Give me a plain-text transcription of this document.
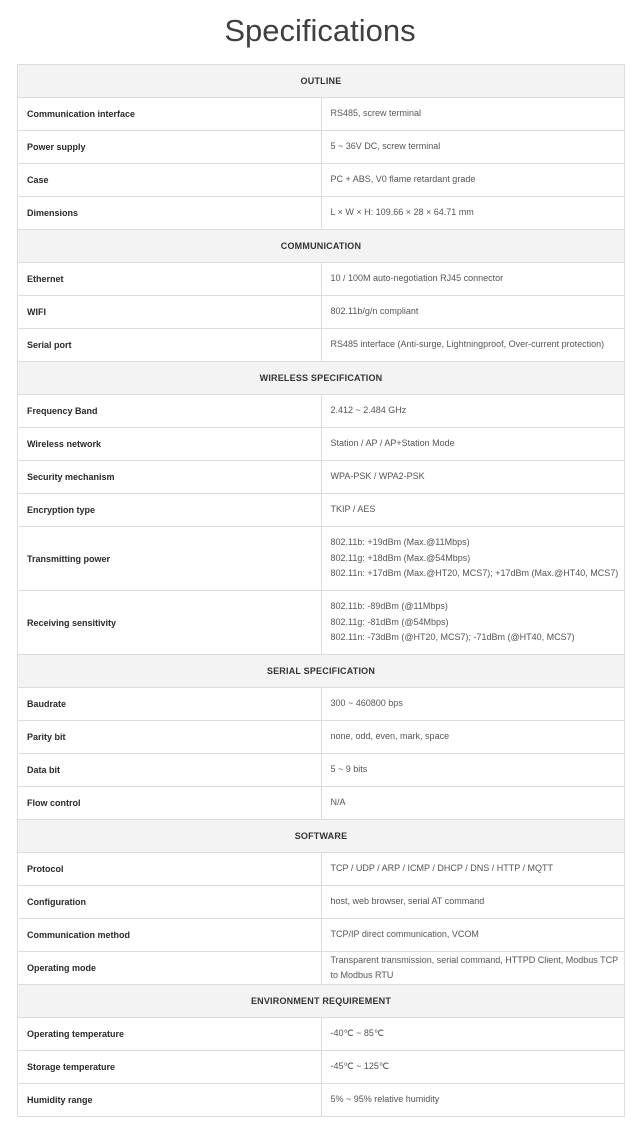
Specifications
OUTLINE	
Communication interface	RS485, screw terminal

Power supply	5 ~ 36V DC, screw terminal

Case	PC + ABS, V0 flame retardant grade

Dimensions	L × W × H: 109.66 × 28 × 64.71 mm

COMMUNICATION	
Ethernet	10 / 100M auto-negotiation RJ45 connector

WIFI	802.11b/g/n compliant

Serial port	RS485 interface (Anti-surge, Lightningproof, Over-current protection)

WIRELESS SPECIFICATION	
Frequency Band	2.412 ~ 2.484 GHz

Wireless network	Station / AP / AP+Station Mode

Security mechanism	WPA-PSK / WPA2-PSK

Encryption type	TKIP / AES

Transmitting power	802.11b: +19dBm (Max.@11Mbps)
802.11g: +18dBm (Max.@54Mbps)
802.11n: +17dBm (Max.@HT20, MCS7); +17dBm (Max.@HT40, MCS7)

Receiving sensitivity	802.11b: -89dBm (@11Mbps)
802.11g: -81dBm (@54Mbps)
802.11n: -73dBm (@HT20, MCS7); -71dBm (@HT40, MCS7)

SERIAL SPECIFICATION	
Baudrate	300 ~ 460800 bps

Parity bit	none, odd, even, mark, space

Data bit	5 ~ 9 bits

Flow control	N/A

SOFTWARE	
Protocol	TCP / UDP / ARP / ICMP / DHCP / DNS / HTTP / MQTT

Configuration	host, web browser, serial AT command

Communication method	TCP/IP direct communication, VCOM

Operating mode	Transparent transmission, serial command, HTTPD Client, Modbus TCP to Modbus RTU

ENVIRONMENT REQUIREMENT	
Operating temperature	-40℃ ~ 85℃

Storage temperature	-45℃ ~ 125℃

Humidity range	5% ~ 95% relative humidity
